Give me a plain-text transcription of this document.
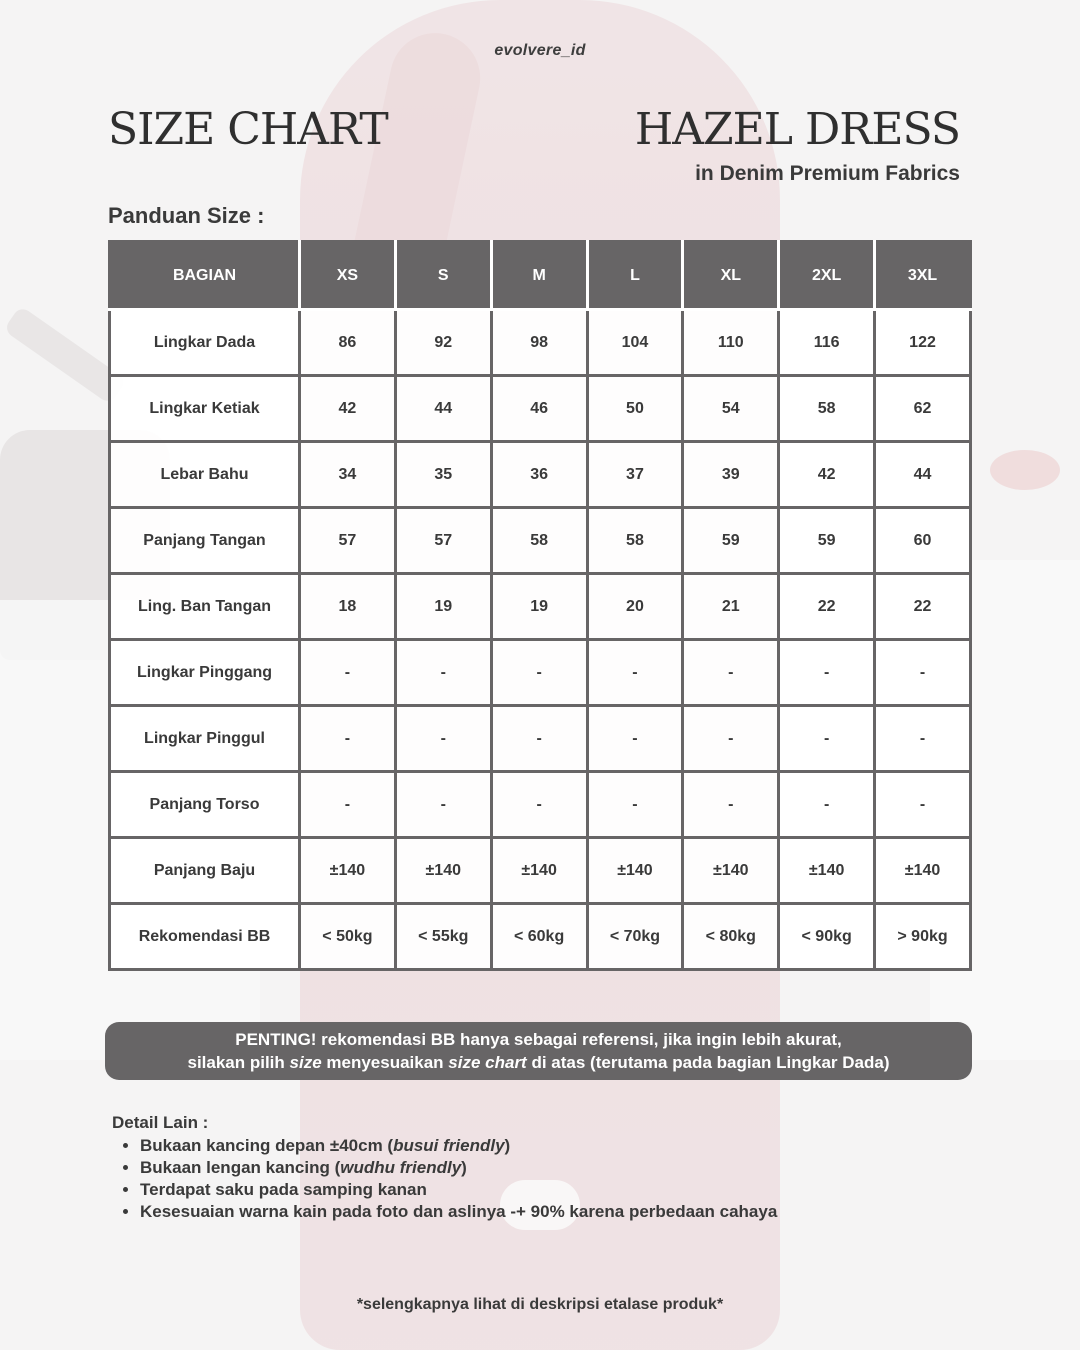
evolvere_id
SIZE CHART	HAZEL DRESS
in Denim Premium Fabrics
Panduan Size :
BAGIAN	XS	S	M	L	XL	2XL	3XL
Lingkar Dada	86	92	98	104	110	116	122
Lingkar Ketiak	42	44	46	50	54	58	62
Lebar Bahu	34	35	36	37	39	42	44
Panjang Tangan	57	57	58	58	59	59	60
Ling. Ban Tangan	18	19	19	20	21	22	22
Lingkar Pinggang	-	-	-	-	-	-	-
Lingkar Pinggul	-	-	-	-	-	-	-
Panjang Torso	-	-	-	-	-	-	-
Panjang Baju	±140	±140	±140	±140	±140	±140	±140
Rekomendasi BB	< 50kg	< 55kg	< 60kg	< 70kg	< 80kg	< 90kg	> 90kg
PENTING! rekomendasi BB hanya sebagai referensi, jika ingin lebih akurat,
silakan pilih size menyesuaikan size chart di atas (terutama pada bagian Lingkar Dada)
Detail Lain :
• Bukaan kancing depan ±40cm (busui friendly)
• Bukaan lengan kancing (wudhu friendly)
• Terdapat saku pada samping kanan
• Kesesuaian warna kain pada foto dan aslinya -+ 90% karena perbedaan cahaya
*selengkapnya lihat di deskripsi etalase produk*
